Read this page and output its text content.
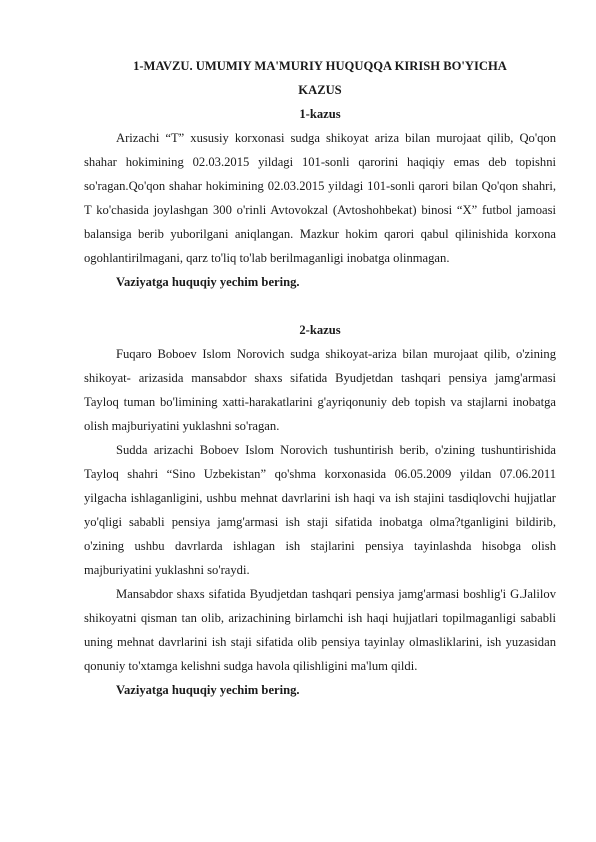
1-MAVZU. UMUMIY MA'MURIY HUQUQQA KIRISH BO'YICHA

KAZUS

1-kazus

Arizachi “T” xususiy korxonasi sudga shikoyat ariza bilan murojaat qilib, Qo'qon shahar hokimining 02.03.2015 yildagi 101-sonli qarorini haqiqiy emas deb topishni so'ragan.Qo'qon shahar hokimining 02.03.2015 yildagi 101-sonli qarori bilan Qo'qon shahri, T ko'chasida joylashgan 300 o'rinli Avtovokzal (Avtoshohbekat) binosi “X” futbol jamoasi balansiga berib yuborilgani aniqlangan. Mazkur hokim qarori qabul qilinishida korxona ogohlantirilmagani, qarz to'liq to'lab berilmaganligi inobatga olinmagan.

Vaziyatga huquqiy yechim bering.

2-kazus

Fuqaro Boboev Islom Norovich sudga shikoyat-ariza bilan murojaat qilib, o'zining shikoyat- arizasida mansabdor shaxs sifatida Byudjetdan tashqari pensiya jamg'armasi Tayloq tuman bo'limining xatti-harakatlarini g'ayriqonuniy deb topish va stajlarni inobatga olish majburiyatini yuklashni so'ragan.

Sudda arizachi Boboev Islom Norovich tushuntirish berib, o'zining tushuntirishida Tayloq shahri “Sino Uzbekistan” qo'shma korxonasida 06.05.2009 yildan 07.06.2011 yilgacha ishlaganligini, ushbu mehnat davrlarini ish haqi va ish stajini tasdiqlovchi hujjatlar yo'qligi sababli pensiya jamg'armasi ish staji sifatida inobatga olma?tganligini bildirib, o'zining ushbu davrlarda ishlagan ish stajlarini pensiya tayinlashda hisobga olish majburiyatini yuklashni so'raydi.

Mansabdor shaxs sifatida Byudjetdan tashqari pensiya jamg'armasi boshlig'i G.Jalilov shikoyatni qisman tan olib, arizachining birlamchi ish haqi hujjatlari topilmaganligi sababli uning mehnat davrlarini ish staji sifatida olib pensiya tayinlay olmasliklarini, ish yuzasidan qonuniy to'xtamga kelishni sudga havola qilishligini ma'lum qildi.

Vaziyatga huquqiy yechim bering.
